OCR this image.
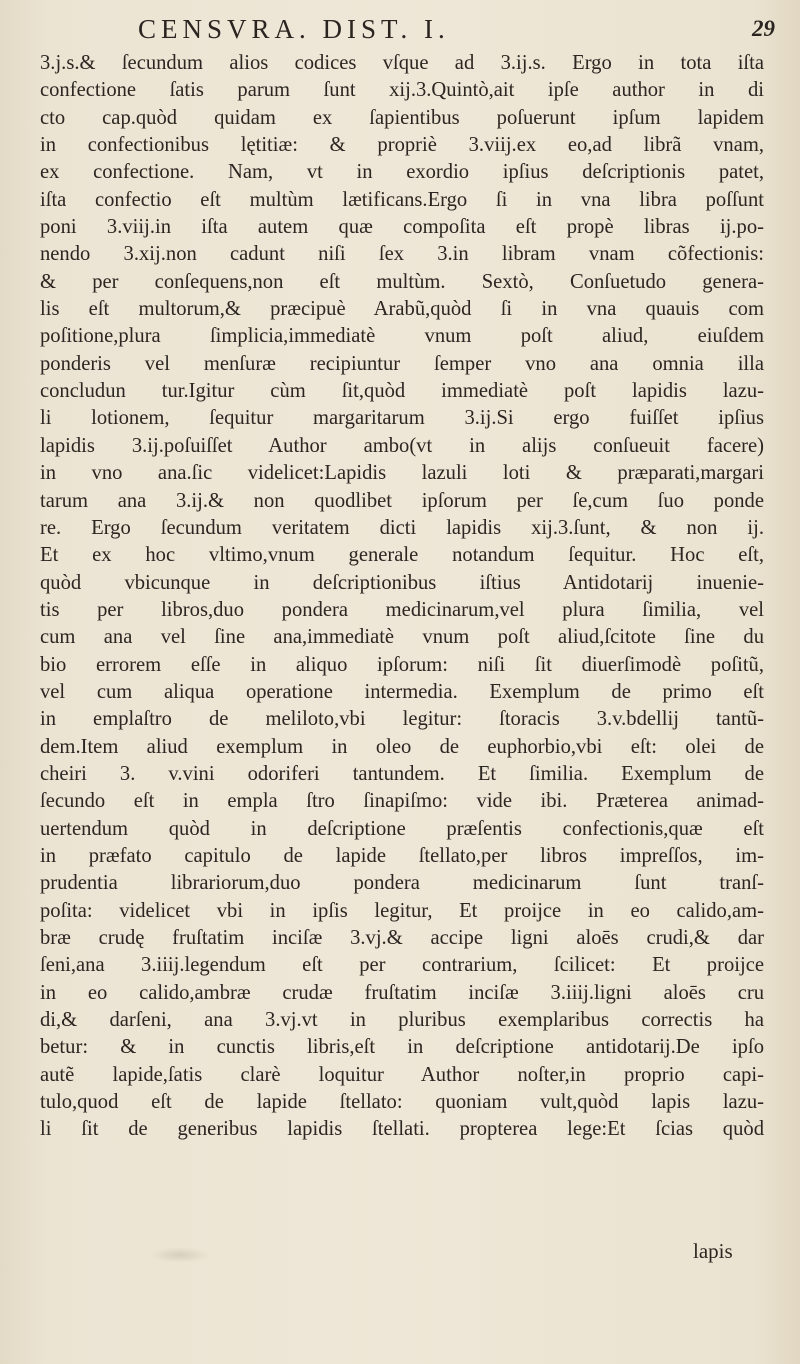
CENSVRA. DIST. I.	29
3.j.s.& ſecundum alios codices vſque ad 3.ij.s. Ergo in tota iſta
confectione ſatis parum ſunt xij.3.Quintò,ait ipſe author in di
cto cap.quòd quidam ex ſapientibus poſuerunt ipſum lapidem
in confectionibus lętitiæ: & propriè 3.viij.ex eo,ad librã vnam,
ex confectione. Nam, vt in exordio ipſius deſcriptionis patet,
iſta confectio eſt multùm lætificans.Ergo ſi in vna libra poſſunt
poni 3.viij.in iſta autem quæ compoſita eſt propè libras ij.po-
nendo 3.xij.non cadunt niſi ſex 3.in libram vnam cõfectionis:
& per conſequens,non eſt multùm. Sextò, Conſuetudo genera-
lis eſt multorum,& præcipuè Arabũ,quòd ſi in vna quauis com
poſitione,plura ſimplicia,immediatè vnum poſt aliud, eiuſdem
ponderis vel menſuræ recipiuntur ſemper vno ana omnia illa
concludun tur.Igitur cùm ſit,quòd immediatè poſt lapidis lazu-
li lotionem, ſequitur margaritarum 3.ij.Si ergo fuiſſet ipſius
lapidis 3.ij.poſuiſſet Author ambo(vt in alijs conſueuit facere)
in vno ana.ſic videlicet:Lapidis lazuli loti & præparati,margari
tarum ana 3.ij.& non quodlibet ipſorum per ſe,cum ſuo ponde
re. Ergo ſecundum veritatem dicti lapidis xij.3.ſunt, & non ij.
Et ex hoc vltimo,vnum generale notandum ſequitur. Hoc eſt,
quòd vbicunque in deſcriptionibus iſtius Antidotarij inuenie-
tis per libros,duo pondera medicinarum,vel plura ſimilia, vel
cum ana vel ſine ana,immediatè vnum poſt aliud,ſcitote ſine du
bio errorem eſſe in aliquo ipſorum: niſi ſit diuerſimodè poſitũ,
vel cum aliqua operatione intermedia. Exemplum de primo eſt
in emplaſtro de meliloto,vbi legitur: ſtoracis 3.v.bdellij tantũ-
dem.Item aliud exemplum in oleo de euphorbio,vbi eſt: olei de
cheiri 3. v.vini odoriferi tantundem. Et ſimilia. Exemplum de
ſecundo eſt in empla ſtro ſinapiſmo: vide ibi. Præterea animad-
uertendum quòd in deſcriptione præſentis confectionis,quæ eſt
in præfato capitulo de lapide ſtellato,per libros impreſſos, im-
prudentia librariorum,duo pondera medicinarum ſunt tranſ-
poſita: videlicet vbi in ipſis legitur, Et proijce in eo calido,am-
bræ crudę fruſtatim inciſæ 3.vj.& accipe ligni aloēs crudi,& dar
ſeni,ana 3.iiij.legendum eſt per contrarium, ſcilicet: Et proijce
in eo calido,ambræ crudæ fruſtatim inciſæ 3.iiij.ligni aloēs cru
di,& darſeni, ana 3.vj.vt in pluribus exemplaribus correctis ha
betur: & in cunctis libris,eſt in deſcriptione antidotarij.De ipſo
autẽ lapide,ſatis clarè loquitur Author noſter,in proprio capi-
tulo,quod eſt de lapide ſtellato: quoniam vult,quòd lapis lazu-
li ſit de generibus lapidis ſtellati. propterea lege:Et ſcias quòd
lapis
